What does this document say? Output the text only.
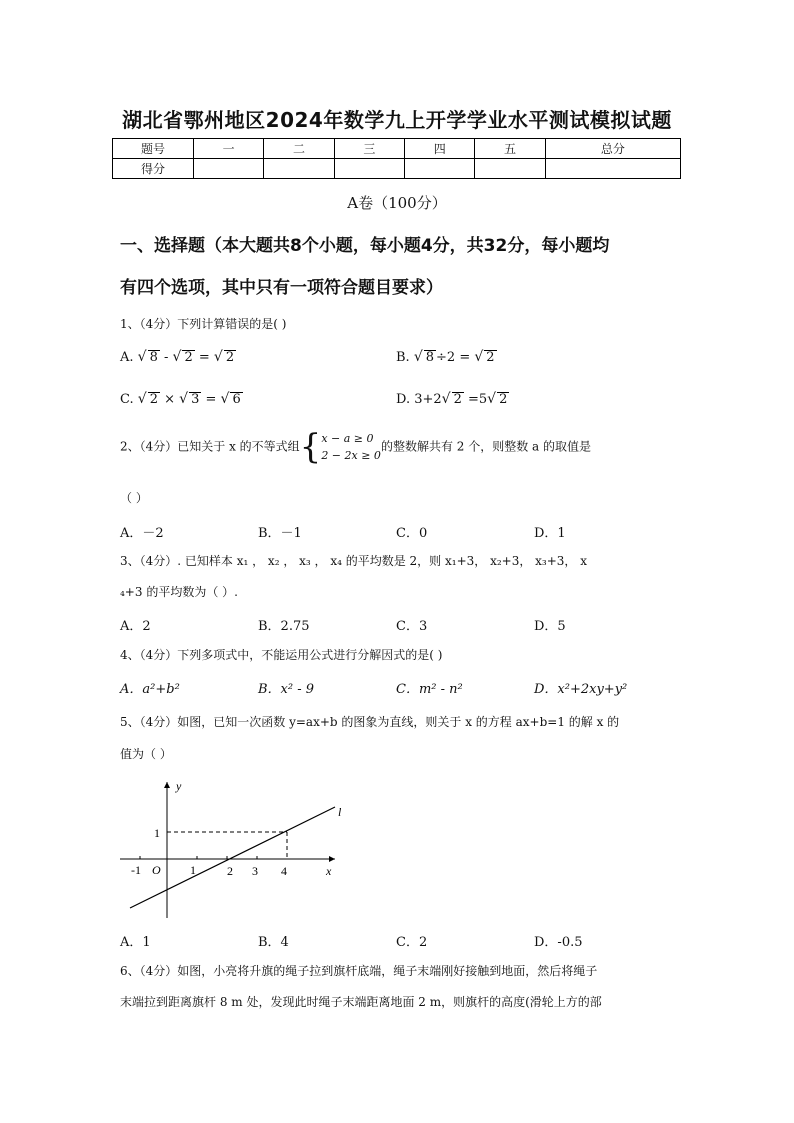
湖北省鄂州地区2024年数学九上开学学业水平测试模拟试题
题号	一	二	三	四	五	总分
得分						
A卷（100分）
一、选择题（本大题共8个小题，每小题4分，共32分，每小题均
有四个选项，其中只有一项符合题目要求）
1、（4分）下列计算错误的是( )
A. √ 8 - √ 2 = √ 2	B. √ 8 ÷2 = √ 2
C. √ 2 × √ 3 = √ 6	D. 3+2 √ 2 =5 √ 2
2、（4分）已知关于 x 的不等式组{ x − a ≥ 0
2 − 2x ≥ 0
的整数解共有 2 个，则整数 a 的取值是
（ ）
A．－2	B．－1	C．0	D．1
3、（4分）. 已知样本 x₁ ， x₂ ， x₃ ， x₄ 的平均数是 2，则 x₁+3， x₂+3， x₃+3， x
₄+3 的平均数为（ ）.
A．2	B．2.75	C．3	D．5
4、（4分）下列多项式中，不能运用公式进行分解因式的是( )
A．a²+b²	B．x² - 9	C．m² - n²	D．x²+2xy+y²
5、（4分）如图，已知一次函数 y=ax+b 的图象为直线，则关于 x 的方程 ax+b=1 的解 x 的
值为（ ）
y
x
l
O
1
-1	1	2 3 4
A．1	B．4	C．2	D．-0.5
6、（4分）如图，小亮将升旗的绳子拉到旗杆底端，绳子末端刚好接触到地面，然后将绳子
末端拉到距离旗杆 8 m 处，发现此时绳子末端距离地面 2 m，则旗杆的高度(滑轮上方的部
